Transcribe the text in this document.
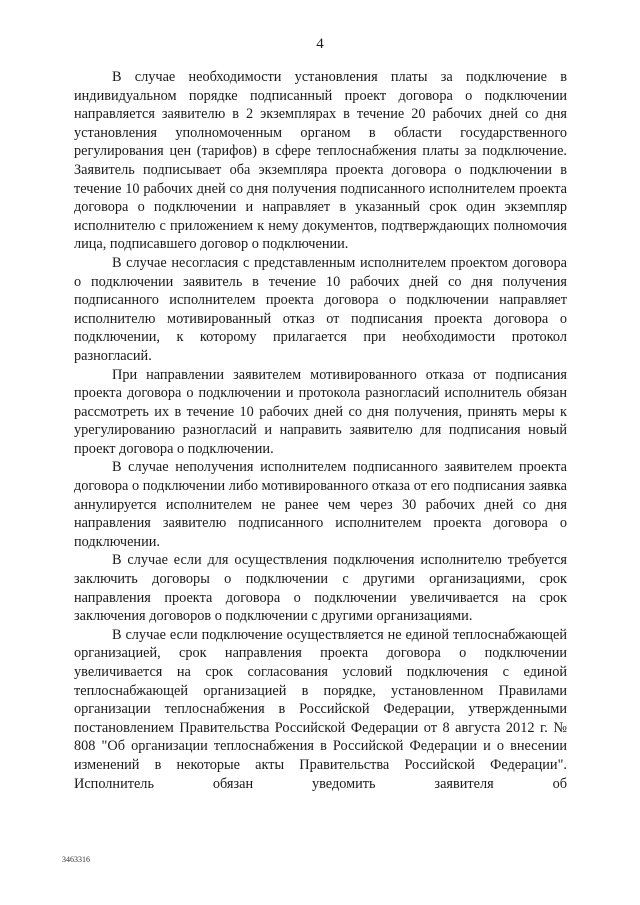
4

В случае необходимости установления платы за подключение в индивидуальном порядке подписанный проект договора о подключении направляется заявителю в 2 экземплярах в течение 20 рабочих дней со дня установления уполномоченным органом в области государственного регулирования цен (тарифов) в сфере теплоснабжения платы за подключение. Заявитель подписывает оба экземпляра проекта договора о подключении в течение 10 рабочих дней со дня получения подписанного исполнителем проекта договора о подключении и направляет в указанный срок один экземпляр исполнителю с приложением к нему документов, подтверждающих полномочия лица, подписавшего договор о подключении.

В случае несогласия с представленным исполнителем проектом договора о подключении заявитель в течение 10 рабочих дней со дня получения подписанного исполнителем проекта договора о подключении направляет исполнителю мотивированный отказ от подписания проекта договора о подключении, к которому прилагается при необходимости протокол разногласий.

При направлении заявителем мотивированного отказа от подписания проекта договора о подключении и протокола разногласий исполнитель обязан рассмотреть их в течение 10 рабочих дней со дня получения, принять меры к урегулированию разногласий и направить заявителю для подписания новый проект договора о подключении.

В случае неполучения исполнителем подписанного заявителем проекта договора о подключении либо мотивированного отказа от его подписания заявка аннулируется исполнителем не ранее чем через 30 рабочих дней со дня направления заявителю подписанного исполнителем проекта договора о подключении.

В случае если для осуществления подключения исполнителю требуется заключить договоры о подключении с другими организациями, срок направления проекта договора о подключении увеличивается на срок заключения договоров о подключении с другими организациями.

В случае если подключение осуществляется не единой теплоснабжающей организацией, срок направления проекта договора о подключении увеличивается на срок согласования условий подключения с единой теплоснабжающей организацией в порядке, установленном Правилами организации теплоснабжения в Российской Федерации, утвержденными постановлением Правительства Российской Федерации от 8 августа 2012 г. № 808 "Об организации теплоснабжения в Российской Федерации и о внесении изменений в некоторые акты Правительства Российской Федерации". Исполнитель обязан уведомить заявителя об

3463316
